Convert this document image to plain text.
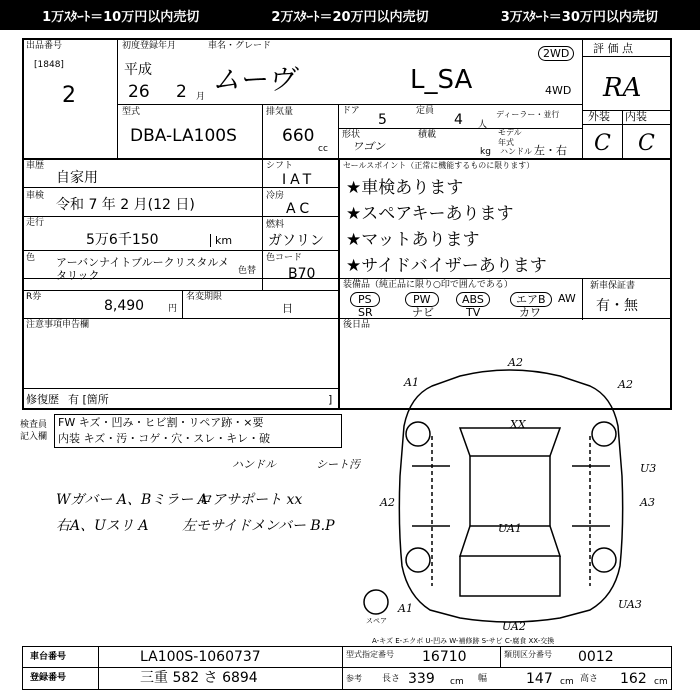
1万ｽﾀｰﾄ＝10万円以内売切	2万ｽﾀｰﾄ＝20万円以内売切	3万ｽﾀｰﾄ＝30万円以内売切
出品番号
[1848]
2
初度登録年月	車名・グレード
平成
26 2 月
ムーヴ	L_SA
2WD
4WD
評 価 点
RA
型式
DBA-LA100S
排気量
660
cc
ドア
5
定員
4 人
ディーラー・並行
形状
ワゴン
積載
kg
モデル年式
ハンドル 左・右
外装 内装
C C
車歴
自家用
車検
令和 7 年 2 月(12 日)
走行
5万6千150	km
色 アーバンナイトブルークリスタルメタリック	色替
シフト
IAT
冷房
AC
燃料
ガソリン
色コード
B70
セールスポイント（正常に機能するものに限ります）
★車検あります
★スペアキーあります
★マットあります
★サイドバイザーあります
装備品（純正品に限り○印で囲んである）	新車保証書
有・無
PS	PW	ABS	エアB
SR	ナビ	TV	カワ
R券
8,490	円
名変期限
日
注意事項申告欄	後日品
修復歴 有 [箇所	]
検査員
記入欄
FW キズ・凹み・ヒビ割・リペア跡・×要
内装 キズ・汚・コゲ・穴・スレ・キレ・破
ハンドル	シート汚
Wガバー A、Bミラー A
ロアサポート xx
右A、Uスリ A 左モサイドメンバー B.P
A2
A1	A2
XX
U3
A2	A3
UA1
A1	UA3
UA2
スペア
A-キズ E-エクボ U-凹み W-補修跡 S-サビ C-腐食 XX-交換
車台番号	LA100S-1060737
登録番号	三重 582 さ 6894
型式指定番号 16710	類別区分番号 0012
参考 長さ 339 cm 幅	147 cm 高さ 162 cm
AW
